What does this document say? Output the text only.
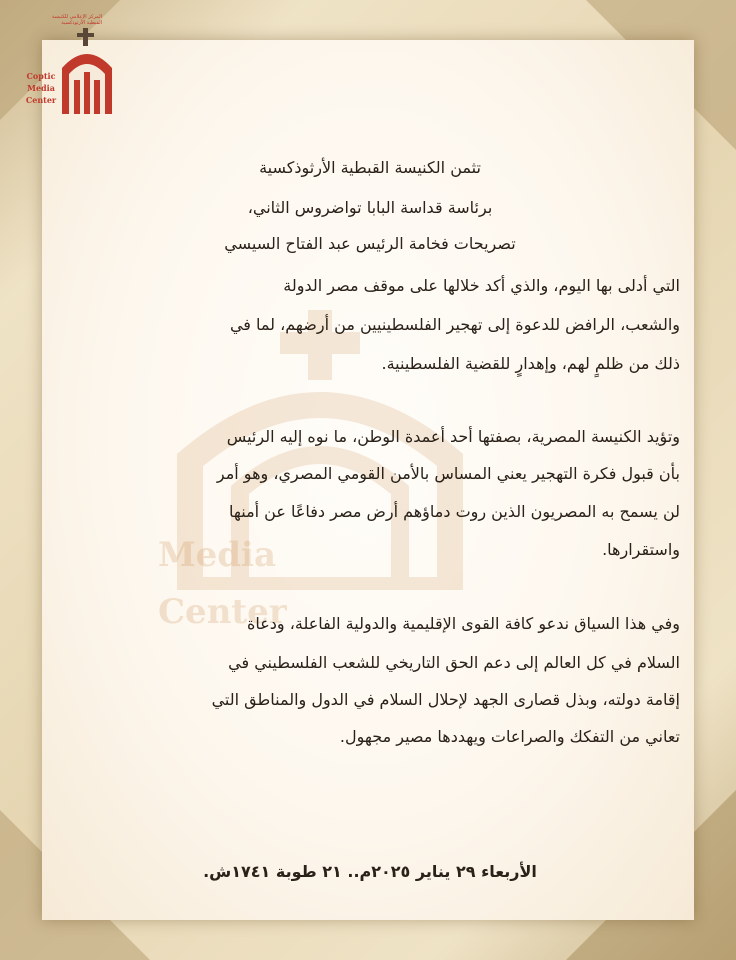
Media
Center
المركز الإعلامي للكنيسة القبطية الأرثوذكسية
Coptic
Media
Center
تثمن الكنيسة القبطية الأرثوذكسية
برئاسة قداسة البابا تواضروس الثاني،
تصريحات فخامة الرئيس عبد الفتاح السيسي
التي أدلى بها اليوم، والذي أكد خلالها على موقف مصر الدولة
والشعب، الرافض للدعوة إلى تهجير الفلسطينيين من أرضهم، لما في
ذلك من ظلمٍ لهم، وإهدارٍ للقضية الفلسطينية.
وتؤيد الكنيسة المصرية، بصفتها أحد أعمدة الوطن، ما نوه إليه الرئيس
بأن قبول فكرة التهجير يعني المساس بالأمن القومي المصري، وهو أمر
لن يسمح به المصريون الذين روت دماؤهم أرض مصر دفاعًا عن أمنها
واستقرارها.
وفي هذا السياق ندعو كافة القوى الإقليمية والدولية الفاعلة، ودعاة
السلام في كل العالم إلى دعم الحق التاريخي للشعب الفلسطيني في
إقامة دولته، وبذل قصارى الجهد لإحلال السلام في الدول والمناطق التي
تعاني من التفكك والصراعات ويهددها مصير مجهول.
الأربعاء ٢٩ يناير ٢٠٢٥م.. ٢١ طوبة ١٧٤١ش.
